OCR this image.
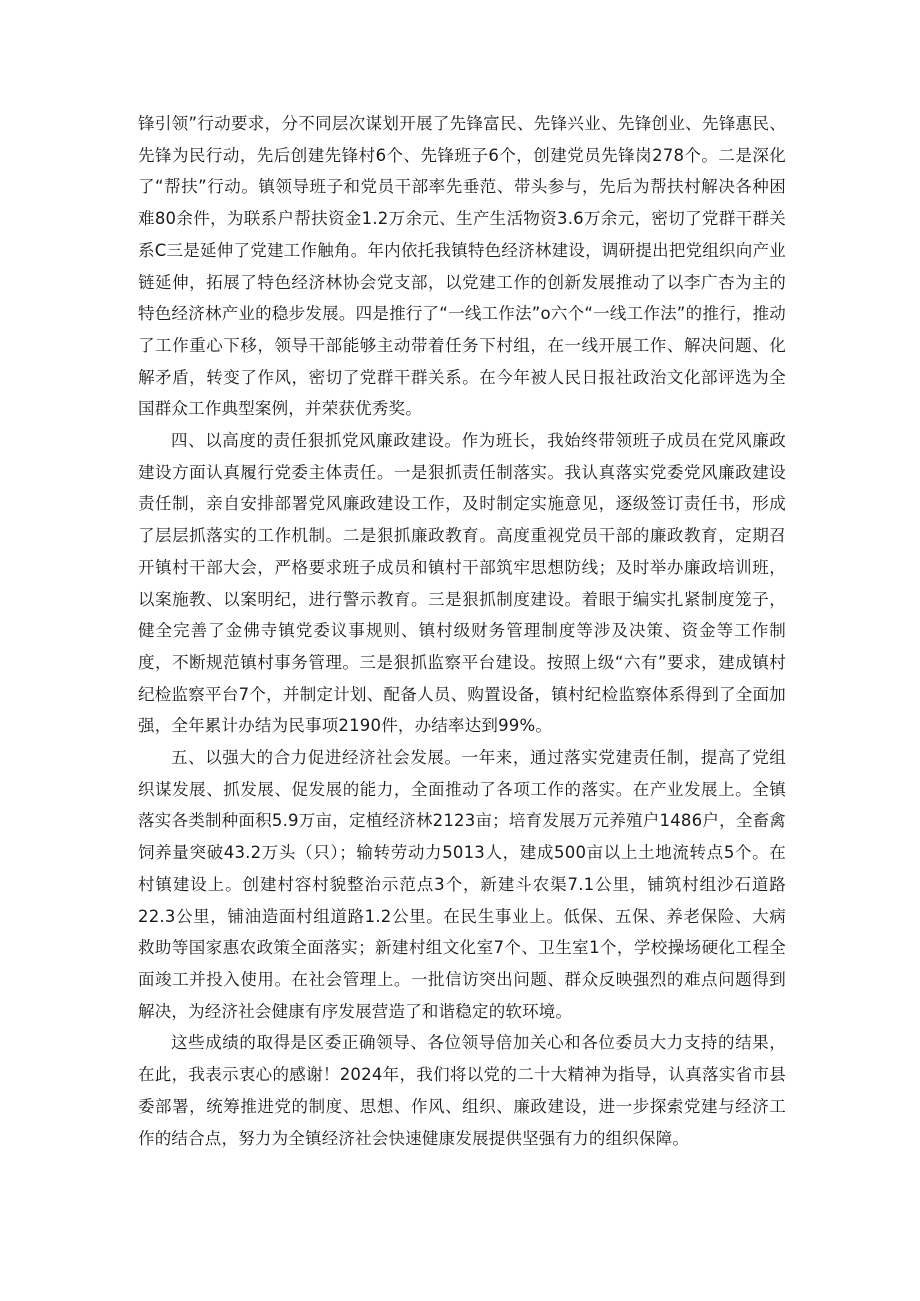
锋引领”行动要求，分不同层次谋划开展了先锋富民、先锋兴业、先锋创业、先锋惠民、先锋为民行动，先后创建先锋村6个、先锋班子6个，创建党员先锋岗278个。二是深化了“帮扶”行动。镇领导班子和党员干部率先垂范、带头参与，先后为帮扶村解决各种困难80余件，为联系户帮扶资金1.2万余元、生产生活物资3.6万余元，密切了党群干群关系C三是延伸了党建工作触角。年内依托我镇特色经济林建设，调研提出把党组织向产业链延伸，拓展了特色经济林协会党支部，以党建工作的创新发展推动了以李广杏为主的特色经济林产业的稳步发展。四是推行了“一线工作法”o六个“一线工作法”的推行，推动了工作重心下移，领导干部能够主动带着任务下村组，在一线开展工作、解决问题、化解矛盾，转变了作风，密切了党群干群关系。在今年被人民日报社政治文化部评选为全国群众工作典型案例，并荣获优秀奖。

四、以高度的责任狠抓党风廉政建设。作为班长，我始终带领班子成员在党风廉政建设方面认真履行党委主体责任。一是狠抓责任制落实。我认真落实党委党风廉政建设责任制，亲自安排部署党风廉政建设工作，及时制定实施意见，逐级签订责任书，形成了层层抓落实的工作机制。二是狠抓廉政教育。高度重视党员干部的廉政教育，定期召开镇村干部大会，严格要求班子成员和镇村干部筑牢思想防线；及时举办廉政培训班，以案施教、以案明纪，进行警示教育。三是狠抓制度建设。着眼于编实扎紧制度笼子，健全完善了金佛寺镇党委议事规则、镇村级财务管理制度等涉及决策、资金等工作制度，不断规范镇村事务管理。三是狠抓监察平台建设。按照上级“六有”要求，建成镇村纪检监察平台7个，并制定计划、配备人员、购置设备，镇村纪检监察体系得到了全面加强，全年累计办结为民事项2190件，办结率达到99%。

五、以强大的合力促进经济社会发展。一年来，通过落实党建责任制，提高了党组织谋发展、抓发展、促发展的能力，全面推动了各项工作的落实。在产业发展上。全镇落实各类制种面积5.9万亩，定植经济林2123亩；培育发展万元养殖户1486户，全畜禽饲养量突破43.2万头（只）；输转劳动力5013人，建成500亩以上土地流转点5个。在村镇建设上。创建村容村貌整治示范点3个，新建斗农渠7.1公里，铺筑村组沙石道路22.3公里，铺油造面村组道路1.2公里。在民生事业上。低保、五保、养老保险、大病救助等国家惠农政策全面落实；新建村组文化室7个、卫生室1个，学校操场硬化工程全面竣工并投入使用。在社会管理上。一批信访突出问题、群众反映强烈的难点问题得到解决，为经济社会健康有序发展营造了和谐稳定的软环境。

这些成绩的取得是区委正确领导、各位领导倍加关心和各位委员大力支持的结果，在此，我表示衷心的感谢！2024年，我们将以党的二十大精神为指导，认真落实省市县委部署，统筹推进党的制度、思想、作风、组织、廉政建设，进一步探索党建与经济工作的结合点，努力为全镇经济社会快速健康发展提供坚强有力的组织保障。
